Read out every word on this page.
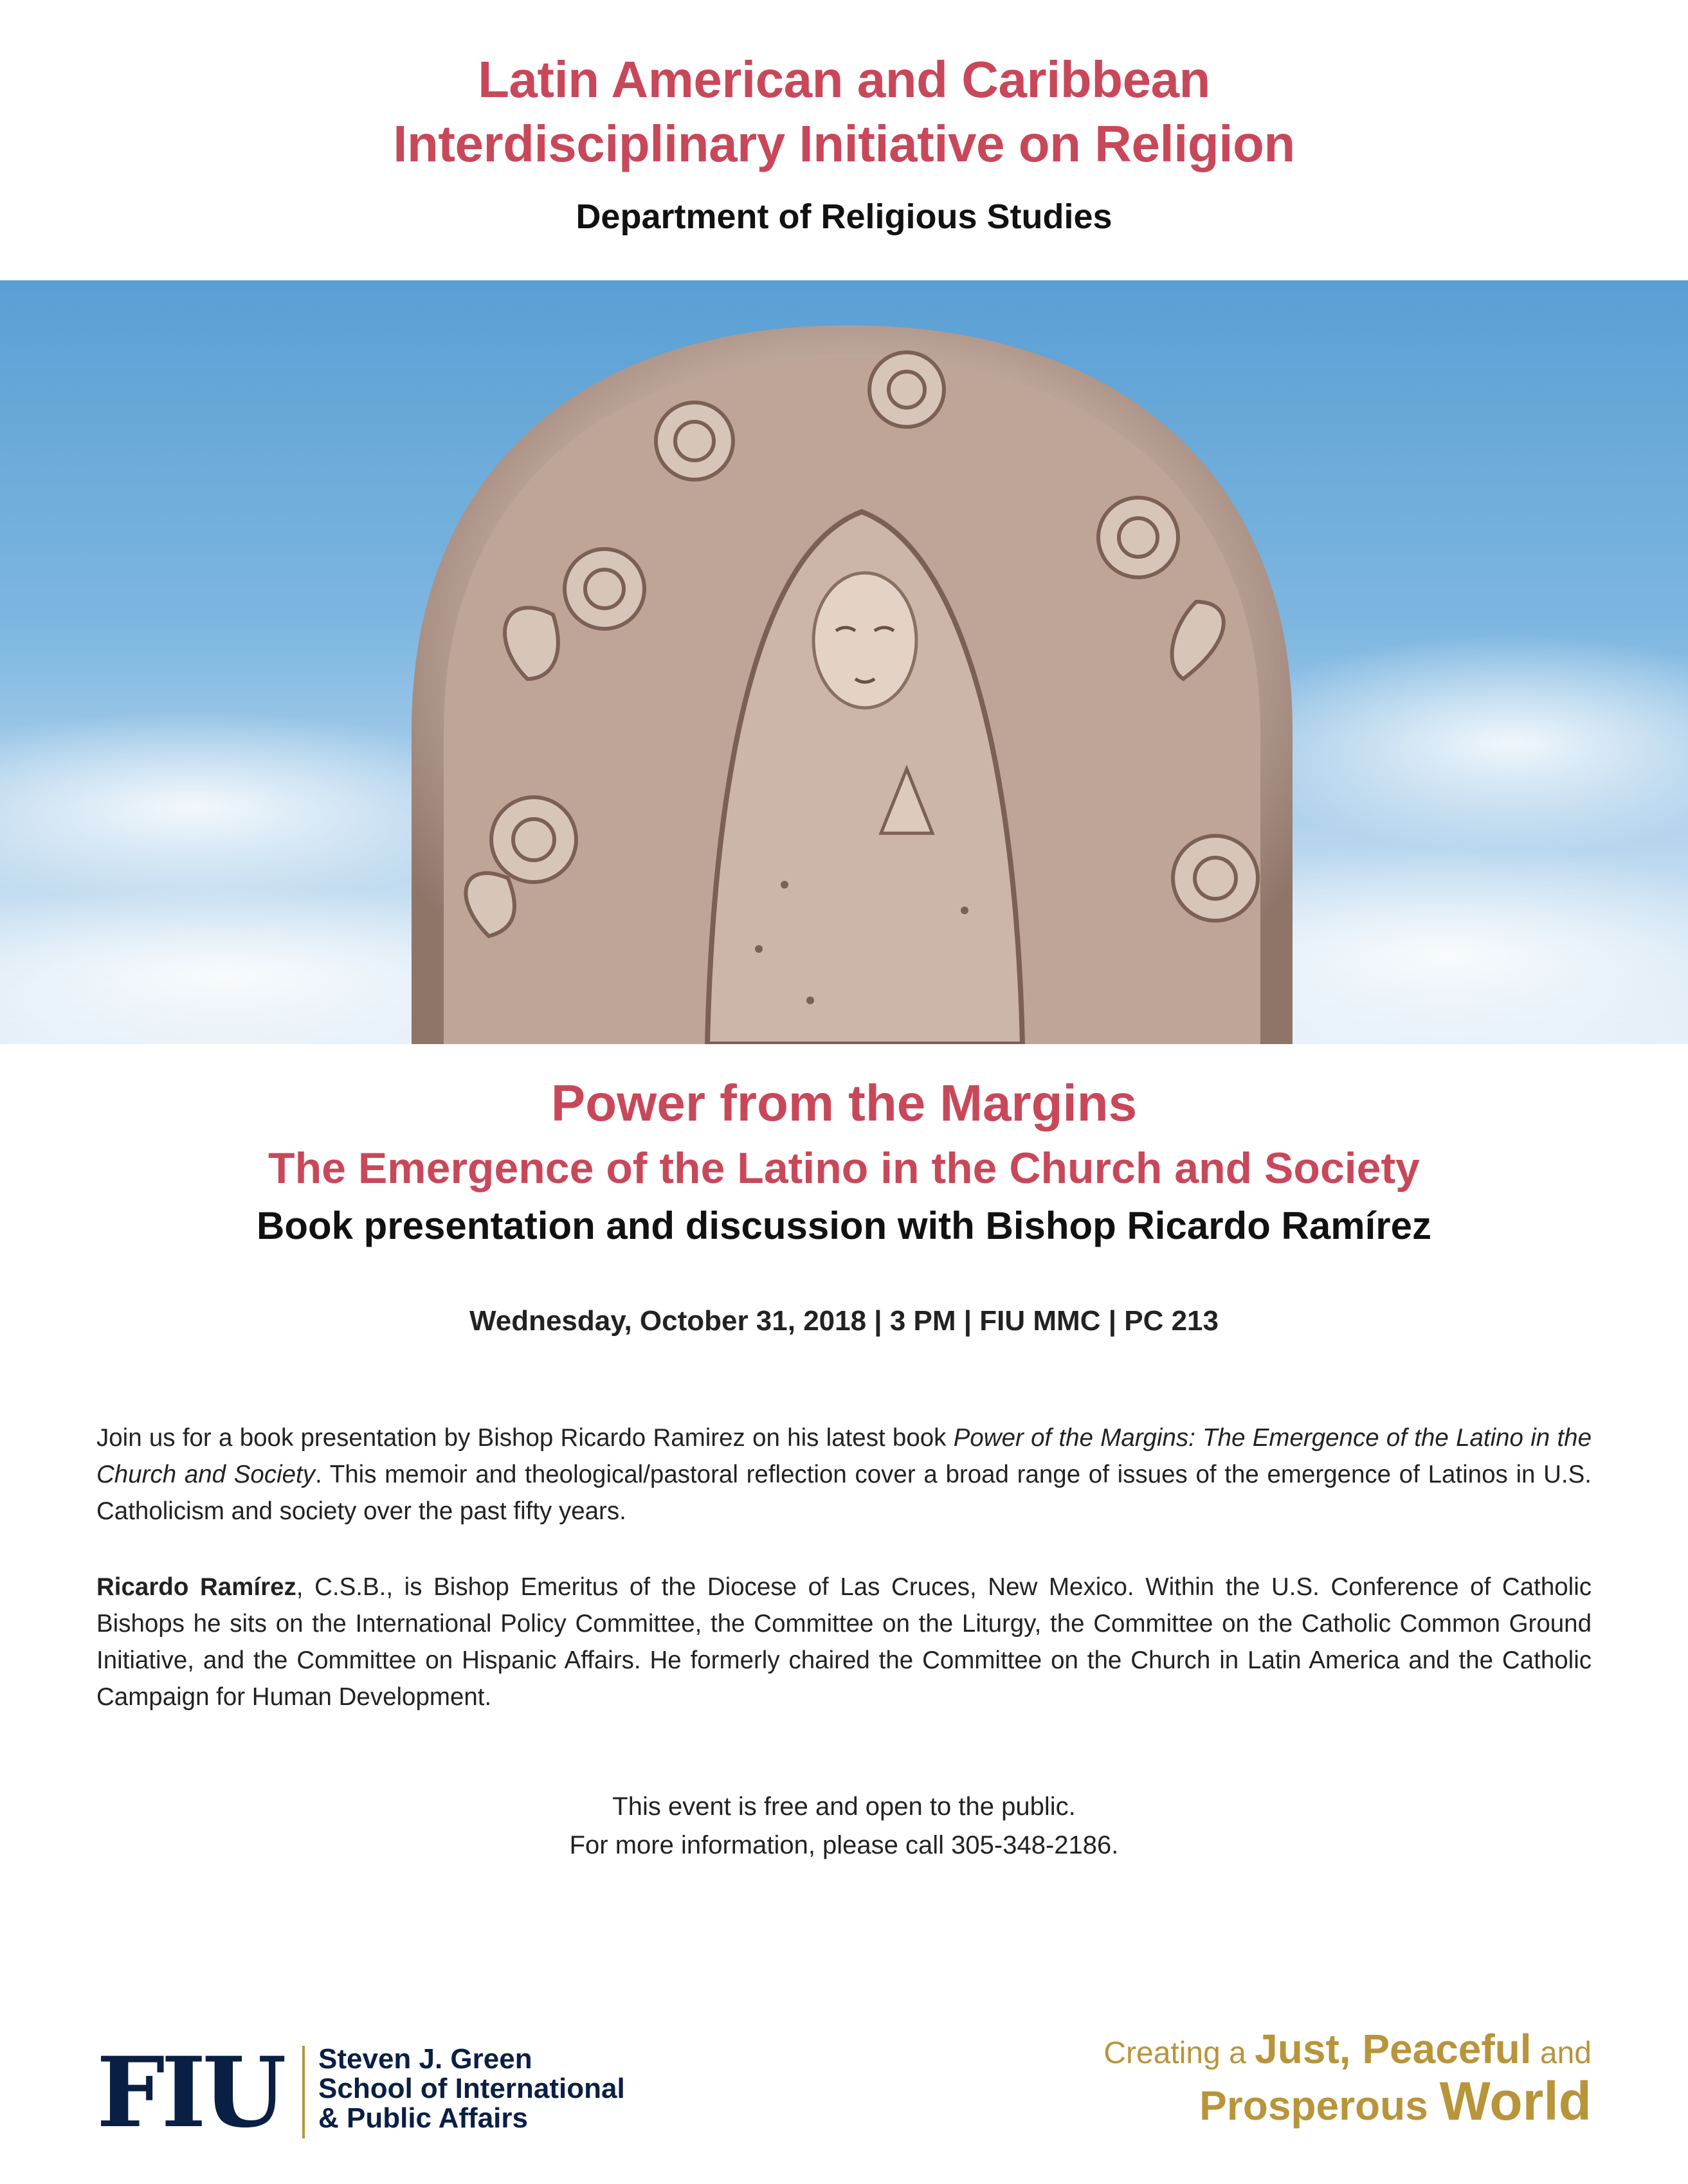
Latin American and Caribbean
Interdisciplinary Initiative on Religion
Department of Religious Studies
Power from the Margins
The Emergence of the Latino in the Church and Society
Book presentation and discussion with Bishop Ricardo Ramírez
Wednesday, October 31, 2018 | 3 PM | FIU MMC | PC 213
Join us for a book presentation by Bishop Ricardo Ramirez on his latest book Power of the Margins: The Emergence of the Latino in the Church and Society. This memoir and theological/pastoral reflection cover a broad range of issues of the emergence of Latinos in U.S. Catholicism and society over the past fifty years.
Ricardo Ramírez, C.S.B., is Bishop Emeritus of the Diocese of Las Cruces, New Mexico. Within the U.S. Conference of Catholic Bishops he sits on the International Policy Committee, the Committee on the Liturgy, the Committee on the Catholic Common Ground Initiative, and the Committee on Hispanic Affairs. He formerly chaired the Committee on the Church in Latin America and the Catholic Campaign for Human Development.
This event is free and open to the public.
For more information, please call 305-348-2186.
FIU Steven J. Green
School of International
& Public Affairs
Creating a Just, Peaceful and
Prosperous World
